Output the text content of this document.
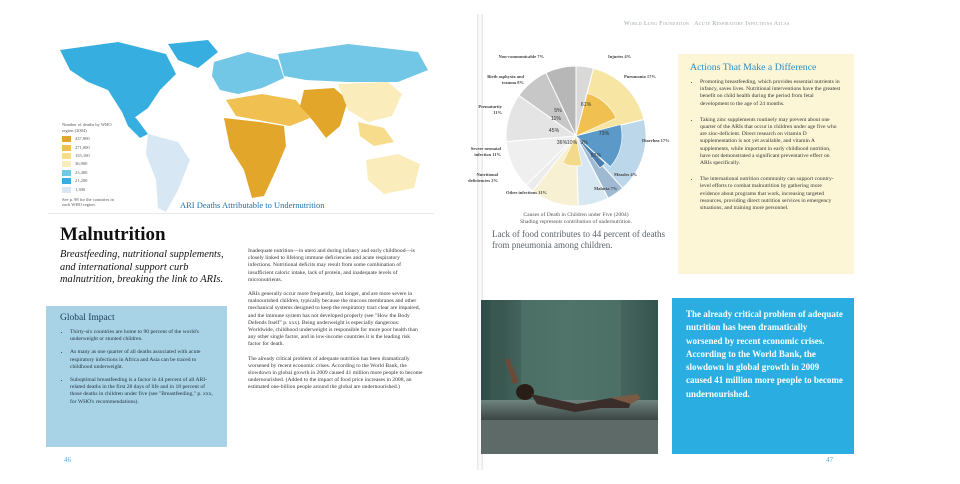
World Lung Foundation Acute Respiratory Infections Atlas
Number of deaths by WHO region (2004)
437,800
271,000
155,100
36,900
23,400
21,200
1,300
See p. 98 for the countries in each WHO region.	ARI Deaths Attributable to Undernutrition
Malnutrition
Breastfeeding, nutritional supplements, and international support curb malnutrition, breaking the link to ARIs.
Global Impact
• Thirty-six countries are home to 90 percent of the world's underweight or stunted children.
• As many as one quarter of all deaths associated with acute respiratory infections in Africa and Asia can be traced to childhood underweight.
• Suboptimal breastfeeding is a factor in 44 percent of all ARI-related deaths in the first 28 days of life and in 18 percent of those deaths in children under five (see "Breastfeeding," p. xxx, for WHO's recommendations).

Inadequate nutrition—in utero and during infancy and early childhood—is closely linked to lifelong immune deficiencies and acute respiratory infections. Nutritional deficits may result from some combination of insufficient caloric intake, lack of protein, and inadequate levels of micronutrients.

ARIs generally occur more frequently, last longer, and are more severe in malnourished children, typically because the mucous membranes and other mechanical systems designed to keep the respiratory tract clear are impaired, and the immune system has not developed properly (see "How the Body Defends Itself" p. xxx). Being underweight is especially dangerous: Worldwide, childhood underweight is responsible for more poor health than any other single factor, and in low-income countries it is the leading risk factor for death.

The already critical problem of adequate nutrition has been dramatically worsened by recent economic crises. According to the World Bank, the slowdown in global growth in 2009 caused 41 million more people to become undernourished. (Added to the impact of food price increases in 2008, an estimated one-billion people around the global are undernourished.)

46
61%
73%
57%
45%
36% 10%
11%
5%
9%
Non-communicable 7%	Injuries 4%
Birth asphyxia and trauma 8%
Pneumonia 17%
Prematurity 11%
Diarrhea 17%
Severe neonatal infection 11%
Measles 4%
Nutritional deficiencies 2%
Malaria 7%
Other infections 11%
Causes of Death in Children under Five (2004)
Shading represents contribution of undernutrition.
Lack of food contributes to 44 percent of deaths from pneumonia among children.
Actions That Make a Difference
• Promoting breastfeeding, which provides essential nutrients in infancy, saves lives. Nutritional interventions have the greatest benefit on child health during the period from fetal development to the age of 24 months.
• Taking zinc supplements routinely may prevent about one quarter of the ARIs that occur in children under age five who are zinc-deficient. Direct research on vitamin D supplementation is not yet available, and vitamin A supplements, while important in early childhood nutrition, have not demonstrated a significant preventative effect on ARIs specifically.
• The international nutrition community can support country-level efforts to combat malnutrition by gathering more evidence about programs that work, increasing targeted resources, providing direct nutrition services in emergency situations, and training more personnel.
The already critical problem of adequate nutrition has been dramatically worsened by recent economic crises. According to the World Bank, the slowdown in global growth in 2009 caused 41 million more people to become undernourished.
47
